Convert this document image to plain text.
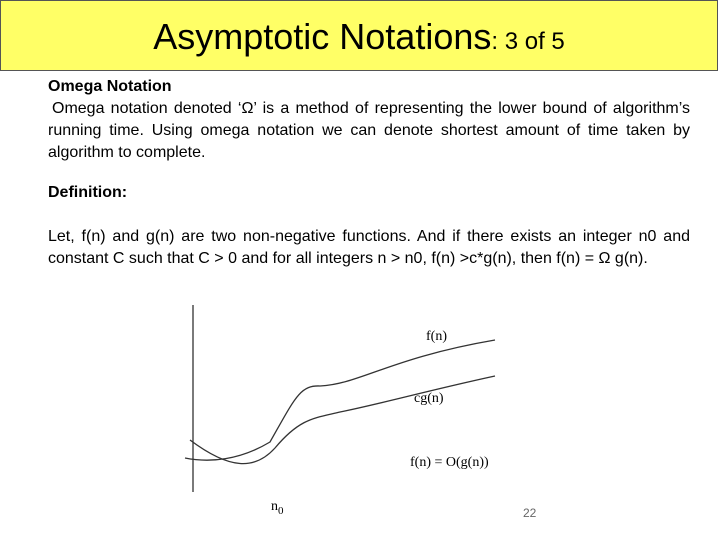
Asymptotic Notations: 3 of 5
Omega Notation
Omega notation denoted ‘Ω’ is a method of representing the lower bound of algorithm’s running time. Using omega notation we can denote shortest amount of time taken by algorithm to complete.
Definition:
Let, f(n) and g(n) are two non-negative functions. And if there exists an integer n0 and constant C such that C > 0 and for all integers n > n0, f(n) >c*g(n), then f(n) = Ω g(n).
f(n)
cg(n)
f(n) = O(g(n))
$n_0$	22
